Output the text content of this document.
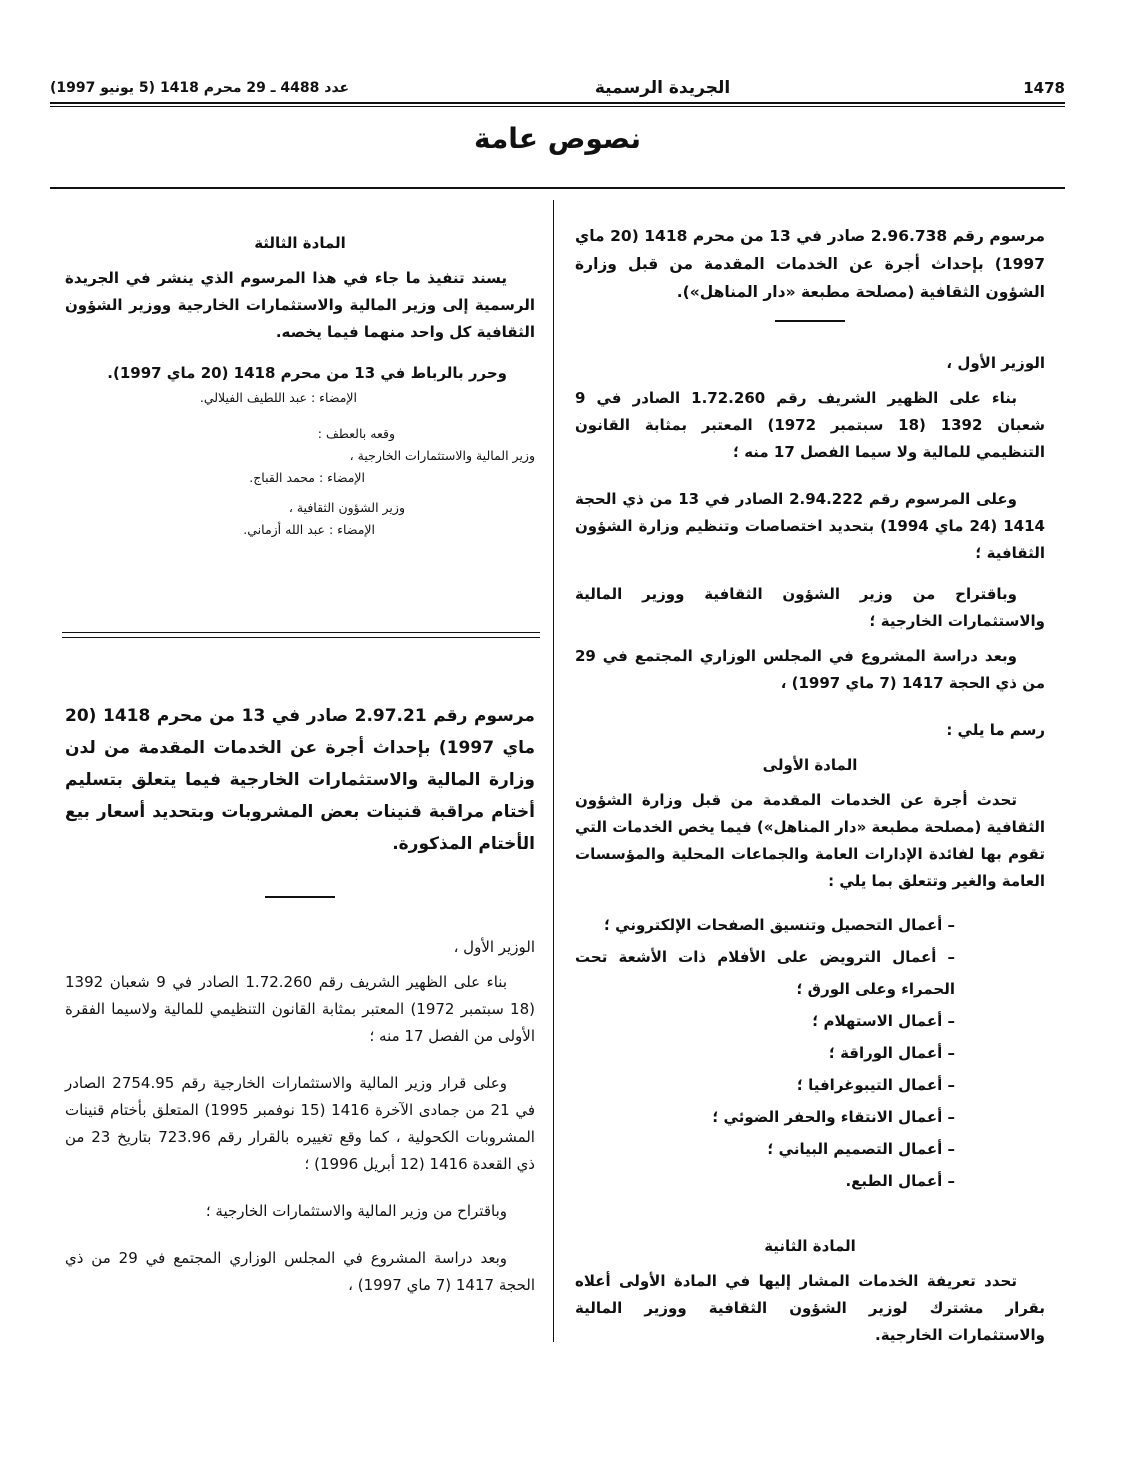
عدد 4488 ـ 29 محرم 1418 (5 يونيو 1997)	الجريدة الرسمية	1478
نصوص عامة

مرسوم رقم 2.96.738 صادر في 13 من محرم 1418 (20 ماي 1997) بإحداث أجرة عن الخدمات المقدمة من قبل وزارة الشؤون الثقافية (مصلحة مطبعة «دار المناهل»).

الوزير الأول ،

بناء على الظهير الشريف رقم 1.72.260 الصادر في 9 شعبان 1392 (18 سبتمبر 1972) المعتبر بمثابة القانون التنظيمي للمالية ولا سيما الفصل 17 منه ؛

وعلى المرسوم رقم 2.94.222 الصادر في 13 من ذي الحجة 1414 (24 ماي 1994) بتحديد اختصاصات وتنظيم وزارة الشؤون الثقافية ؛

وباقتراح من وزير الشؤون الثقافية ووزير المالية والاستثمارات الخارجية ؛

وبعد دراسة المشروع في المجلس الوزاري المجتمع في 29 من ذي الحجة 1417 (7 ماي 1997) ،

رسم ما يلي :

المادة الأولى

تحدث أجرة عن الخدمات المقدمة من قبل وزارة الشؤون الثقافية (مصلحة مطبعة «دار المناهل») فيما يخص الخدمات التي تقوم بها لفائدة الإدارات العامة والجماعات المحلية والمؤسسات العامة والغير وتتعلق بما يلي :

– أعمال التحصيل وتنسيق الصفحات الإلكتروني ؛
– أعمال الترويض على الأفلام ذات الأشعة تحت الحمراء وعلى الورق ؛
– أعمال الاستهلام ؛
– أعمال الوراقة ؛
– أعمال التيبوغرافيا ؛
– أعمال الانتقاء والحفر الضوئي ؛
– أعمال التصميم البياني ؛
– أعمال الطبع.

المادة الثانية

تحدد تعريفة الخدمات المشار إليها في المادة الأولى أعلاه بقرار مشترك لوزير الشؤون الثقافية ووزير المالية والاستثمارات الخارجية.

المادة الثالثة

يسند تنفيذ ما جاء في هذا المرسوم الذي ينشر في الجريدة الرسمية إلى وزير المالية والاستثمارات الخارجية ووزير الشؤون الثقافية كل واحد منهما فيما يخصه.

وحرر بالرباط في 13 من محرم 1418 (20 ماي 1997).

الإمضاء : عبد اللطيف الفيلالي.

وقعه بالعطف :

وزير المالية والاستثمارات الخارجية ،

الإمضاء : محمد القباج.

وزير الشؤون الثقافية ،

الإمضاء : عبد الله أزماني.

مرسوم رقم 2.97.21 صادر في 13 من محرم 1418 (20 ماي 1997) بإحداث أجرة عن الخدمات المقدمة من لدن وزارة المالية والاستثمارات الخارجية فيما يتعلق بتسليم أختام مراقبة قنينات بعض المشروبات وبتحديد أسعار بيع الأختام المذكورة.

الوزير الأول ،

بناء على الظهير الشريف رقم 1.72.260 الصادر في 9 شعبان 1392 (18 سبتمبر 1972) المعتبر بمثابة القانون التنظيمي للمالية ولاسيما الفقرة الأولى من الفصل 17 منه ؛

وعلى قرار وزير المالية والاستثمارات الخارجية رقم 2754.95 الصادر في 21 من جمادى الآخرة 1416 (15 نوفمبر 1995) المتعلق بأختام قنينات المشروبات الكحولية ، كما وقع تغييره بالقرار رقم 723.96 بتاريخ 23 من ذي القعدة 1416 (12 أبريل 1996) ؛

وباقتراح من وزير المالية والاستثمارات الخارجية ؛

وبعد دراسة المشروع في المجلس الوزاري المجتمع في 29 من ذي الحجة 1417 (7 ماي 1997) ،
